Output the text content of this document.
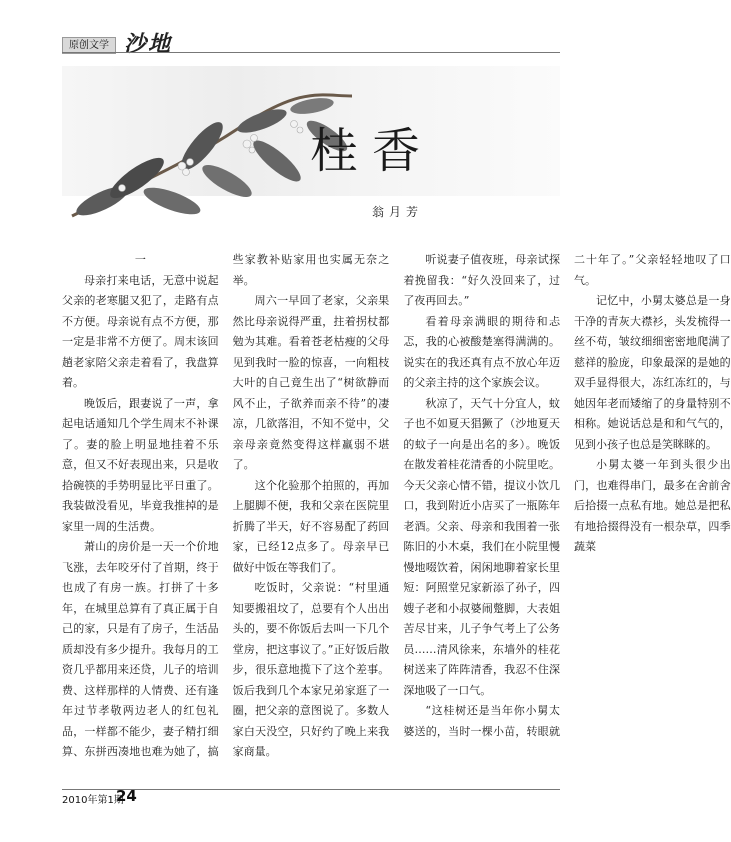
原创文学 沙地
桂香
翁月芳
一

母亲打来电话，无意中说起父亲的老寒腿又犯了，走路有点不方便。母亲说有点不方便，那一定是非常不方便了。周末该回趟老家陪父亲走着看了，我盘算着。

晚饭后，跟妻说了一声，拿起电话通知几个学生周末不补课了。妻的脸上明显地挂着不乐意，但又不好表现出来，只是收拾碗筷的手势明显比平日重了。我装做没看见，毕竟我推掉的是家里一周的生活费。

萧山的房价是一天一个价地飞涨，去年咬牙付了首期，终于也成了有房一族。打拼了十多年，在城里总算有了真正属于自己的家，只是有了房子，生活品质却没有多少提升。我每月的工资几乎都用来还贷，儿子的培训费、这样那样的人情费、还有逢年过节孝敬两边老人的红包礼品，一样都不能少，妻子精打细算、东拼西凑地也难为她了，搞些家教补贴家用也实属无奈之举。

周六一早回了老家，父亲果然比母亲说得严重，拄着拐杖都勉为其难。看着苍老枯瘦的父母见到我时一脸的惊喜，一向粗枝大叶的自己竟生出了“树欲静而风不止，子欲养而亲不待”的凄凉，几欲落泪，不知不觉中，父亲母亲竟然变得这样羸弱不堪了。

这个化验那个拍照的，再加上腿脚不便，我和父亲在医院里折腾了半天，好不容易配了药回家，已经12点多了。母亲早已做好中饭在等我们了。

吃饭时，父亲说：“村里通知要搬祖坟了，总要有个人出出头的，要不你饭后去叫一下几个堂房，把这事议了。”正好饭后散步，很乐意地揽下了这个差事。饭后我到几个本家兄弟家逛了一圈，把父亲的意图说了。多数人家白天没空，只好约了晚上来我家商量。

听说妻子值夜班，母亲试探着挽留我：“好久没回来了，过了夜再回去。”

看着母亲满眼的期待和忐忑，我的心被酸楚塞得满满的。说实在的我还真有点不放心年迈的父亲主持的这个家族会议。

秋凉了，天气十分宜人，蚊子也不如夏天猖獗了（沙地夏天的蚊子一向是出名的多）。晚饭在散发着桂花清香的小院里吃。今天父亲心情不错，提议小饮几口，我到附近小店买了一瓶陈年老酒。父亲、母亲和我围着一张陈旧的小木桌，我们在小院里慢慢地啜饮着，闲闲地聊着家长里短：阿照堂兄家新添了孙子，四嫂子老和小叔婆闹蹩脚，大表姐苦尽甘来，儿子争气考上了公务员……清风徐来，东墙外的桂花树送来了阵阵清香，我忍不住深深地吸了一口气。

“这桂树还是当年你小舅太婆送的，当时一棵小苗，转眼就二十年了。”父亲轻轻地叹了口气。

记忆中，小舅太婆总是一身干净的青灰大襟衫，头发梳得一丝不苟，皱纹细细密密地爬满了慈祥的脸庞，印象最深的是她的双手显得很大，冻红冻红的，与她因年老而矮缩了的身量特别不相称。她说话总是和和气气的，见到小孩子也总是笑眯眯的。

小舅太婆一年到头很少出门，也难得串门，最多在舍前舍后拾掇一点私有地。她总是把私有地拾掇得没有一根杂草，四季蔬菜

2010年第1期
24
